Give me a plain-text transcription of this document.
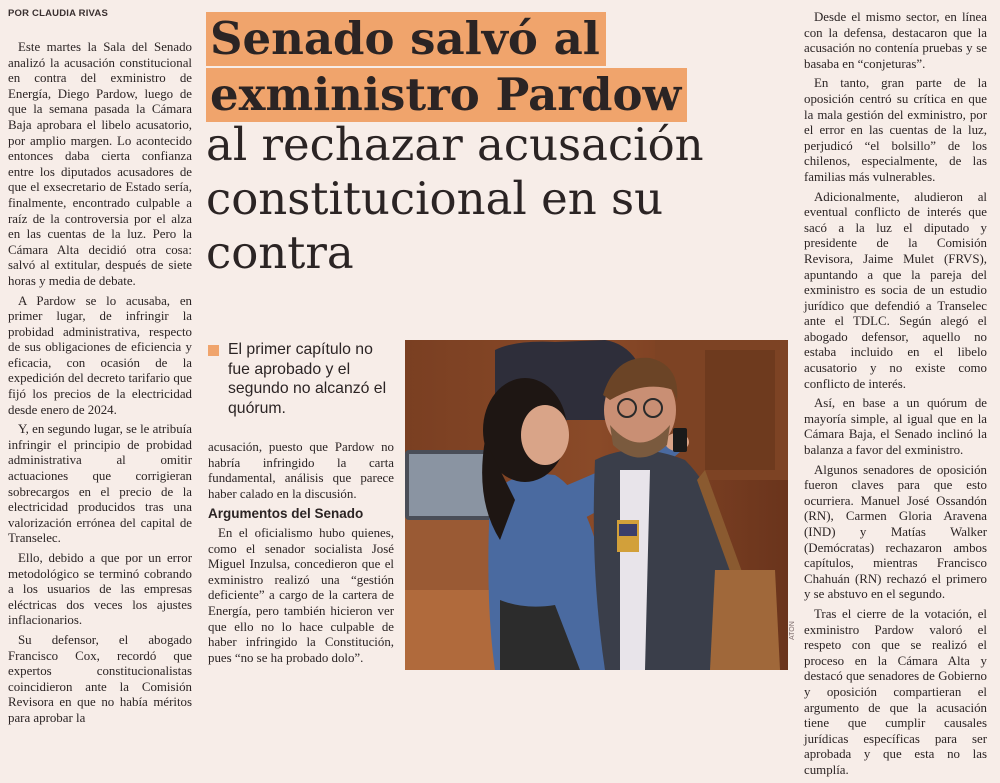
POR CLAUDIA RIVAS

Este martes la Sala del Senado analizó la acusación constitucional en contra del exministro de Energía, Diego Pardow, luego de que la semana pasada la Cámara Baja aprobara el libelo acusatorio, por amplio margen. Lo acontecido entonces daba cierta confianza entre los diputados acusadores de que el exsecretario de Estado sería, finalmente, encontrado culpable a raíz de la controversia por el alza en las cuentas de la luz. Pero la Cámara Alta decidió otra cosa: salvó al extitular, después de siete horas y media de debate.

A Pardow se lo acusaba, en primer lugar, de infringir la probidad administrativa, respecto de sus obligaciones de eficiencia y eficacia, con ocasión de la expedición del decreto tarifario que fijó los precios de la electricidad desde enero de 2024.

Y, en segundo lugar, se le atribuía infringir el principio de probidad administrativa al omitir actuaciones que corrigieran sobrecargos en el precio de la electricidad producidos tras una valorización errónea del capital de Transelec.

Ello, debido a que por un error metodológico se terminó cobrando a los usuarios de las empresas eléctricas dos veces los ajustes inflacionarios.

Su defensor, el abogado Francisco Cox, recordó que expertos constitucionalistas coincidieron ante la Comisión Revisora en que no había méritos para aprobar la

Senado salvó al
exministro Pardow
al rechazar acusación constitucional en su contra
El primer capítulo no fue aprobado y el segundo no alcanzó el quórum.

acusación, puesto que Pardow no habría infringido la carta fundamental, análisis que parece haber calado en la discusión.

Argumentos del Senado

En el oficialismo hubo quienes, como el senador socialista José Miguel Inzulsa, concedieron que el exministro realizó una “gestión deficiente” a cargo de la cartera de Energía, pero también hicieron ver que ello no lo hace culpable de haber infringido la Constitución, pues “no se ha probado dolo”.

ATON

Desde el mismo sector, en línea con la defensa, destacaron que la acusación no contenía pruebas y se basaba en “conjeturas”.

En tanto, gran parte de la oposición centró su crítica en que la mala gestión del exministro, por el error en las cuentas de la luz, perjudicó “el bolsillo” de los chilenos, especialmente, de las familias más vulnerables.

Adicionalmente, aludieron al eventual conflicto de interés que sacó a la luz el diputado y presidente de la Comisión Revisora, Jaime Mulet (FRVS), apuntando a que la pareja del exministro es socia de un estudio jurídico que defendió a Transelec ante el TDLC. Según alegó el abogado defensor, aquello no estaba incluido en el libelo acusatorio y no existe como conflicto de interés.

Así, en base a un quórum de mayoría simple, al igual que en la Cámara Baja, el Senado inclinó la balanza a favor del exministro.

Algunos senadores de oposición fueron claves para que esto ocurriera. Manuel José Ossandón (RN), Carmen Gloria Aravena (IND) y Matías Walker (Demócratas) rechazaron ambos capítulos, mientras Francisco Chahuán (RN) rechazó el primero y se abstuvo en el segundo.

Tras el cierre de la votación, el exministro Pardow valoró el respeto con que se realizó el proceso en la Cámara Alta y destacó que senadores de Gobierno y oposición compartieran el argumento de que la acusación tiene que cumplir causales jurídicas específicas para ser aprobada y que esta no las cumplía.
